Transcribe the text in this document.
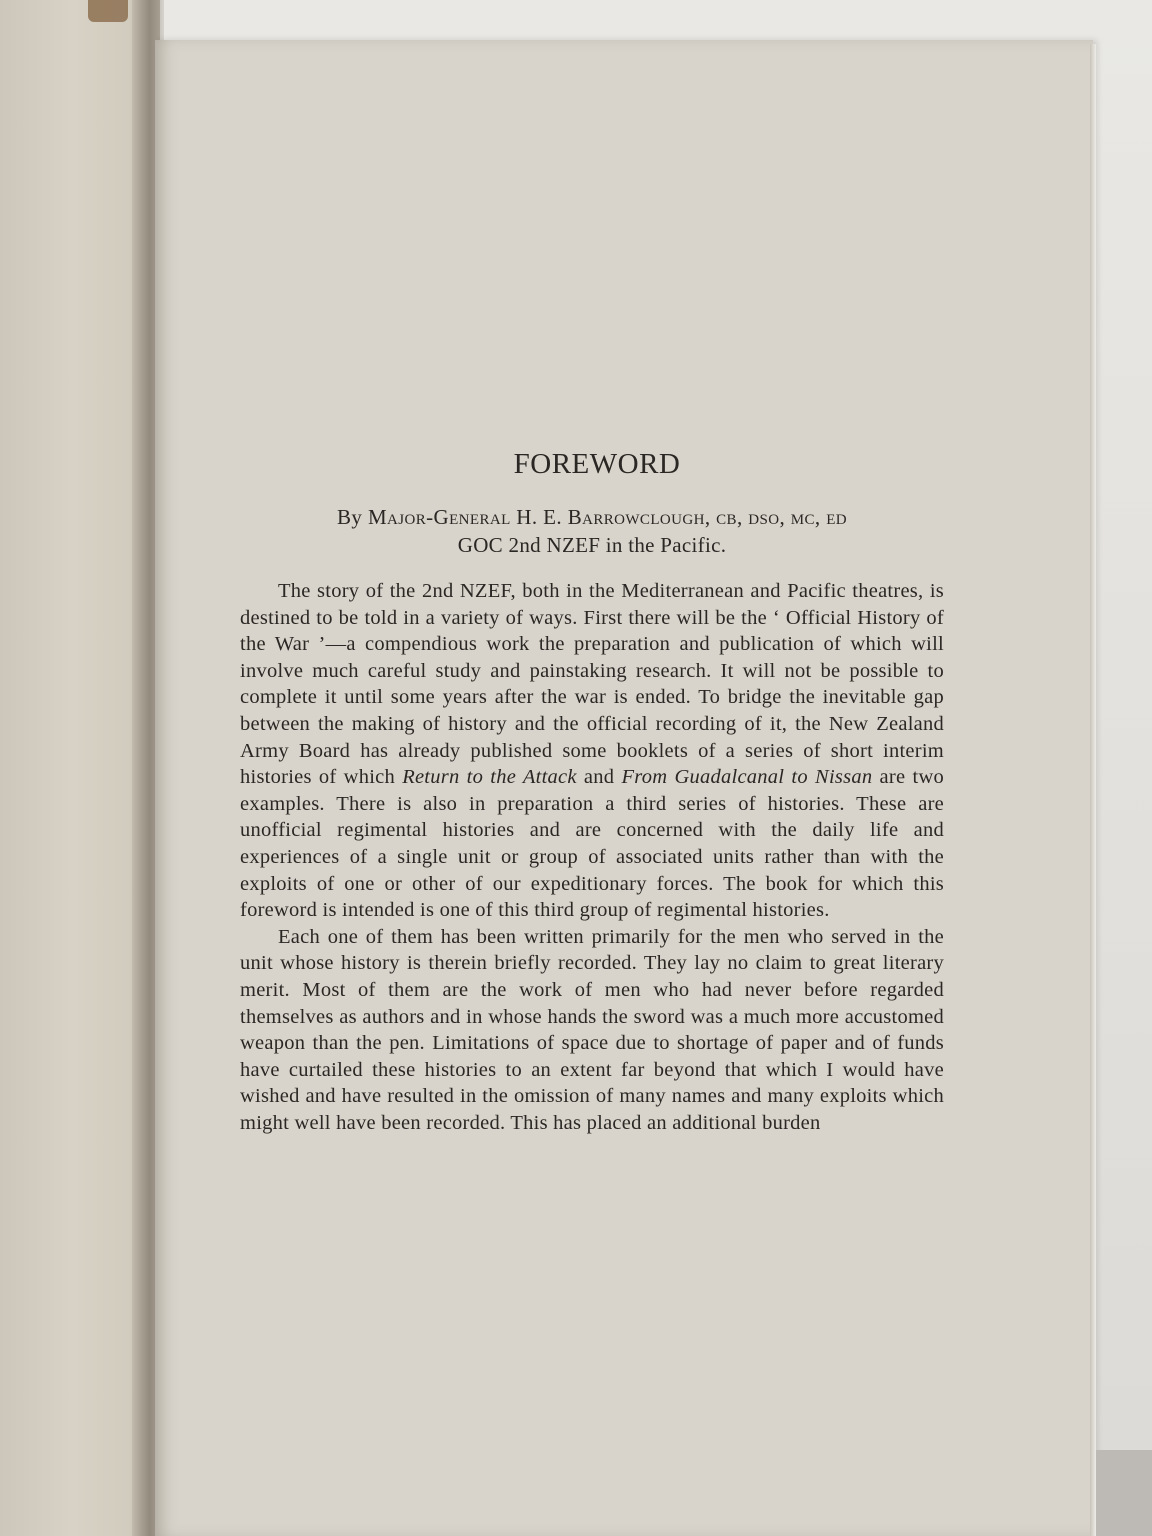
FOREWORD
By Major-General H. E. Barrowclough, cb, dso, mc, ed
GOC 2nd NZEF in the Pacific.

The story of the 2nd NZEF, both in the Mediterranean and Pacific theatres, is destined to be told in a variety of ways. First there will be the ‘ Official History of the War ’—a compendious work the preparation and publication of which will involve much careful study and painstaking research. It will not be possible to complete it until some years after the war is ended. To bridge the inevitable gap between the making of history and the official recording of it, the New Zealand Army Board has already published some booklets of a series of short interim histories of which Return to the Attack and From Guadalcanal to Nissan are two examples. There is also in preparation a third series of histories. These are unofficial regimental histories and are concerned with the daily life and experiences of a single unit or group of associated units rather than with the exploits of one or other of our expeditionary forces. The book for which this foreword is intended is one of this third group of regimental histories.

Each one of them has been written primarily for the men who served in the unit whose history is therein briefly recorded. They lay no claim to great literary merit. Most of them are the work of men who had never before regarded themselves as authors and in whose hands the sword was a much more accustomed weapon than the pen. Limitations of space due to shortage of paper and of funds have curtailed these histories to an extent far beyond that which I would have wished and have resulted in the omission of many names and many exploits which might well have been recorded. This has placed an additional burden
